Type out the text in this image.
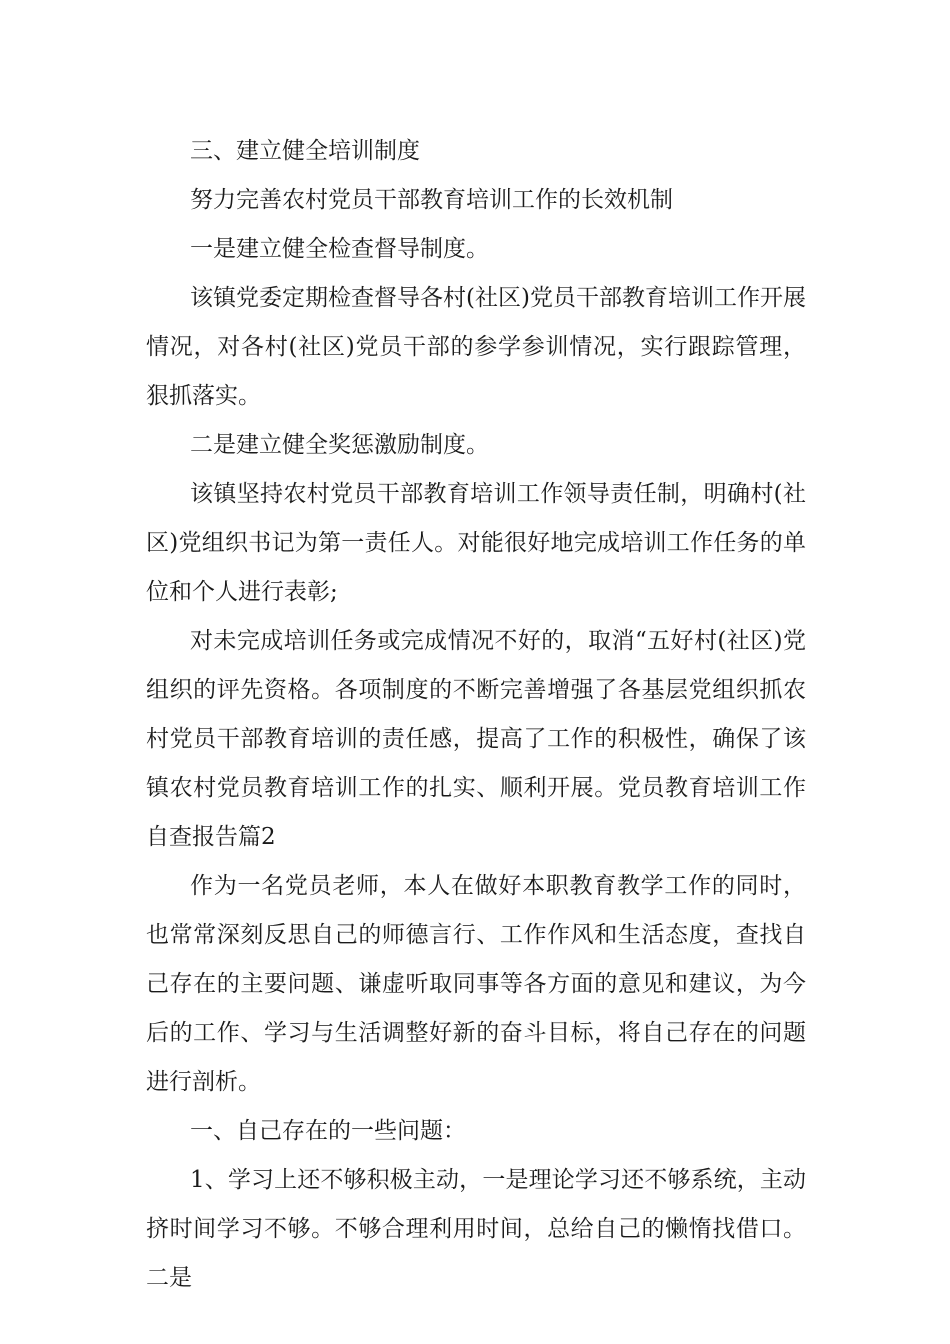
三、建立健全培训制度

努力完善农村党员干部教育培训工作的长效机制

一是建立健全检查督导制度。

该镇党委定期检查督导各村(社区)党员干部教育培训工作开展情况，对各村(社区)党员干部的参学参训情况，实行跟踪管理，狠抓落实。

二是建立健全奖惩激励制度。

该镇坚持农村党员干部教育培训工作领导责任制，明确村(社区)党组织书记为第一责任人。对能很好地完成培训工作任务的单位和个人进行表彰;

对未完成培训任务或完成情况不好的，取消“五好村(社区)党组织的评先资格。各项制度的不断完善增强了各基层党组织抓农村党员干部教育培训的责任感，提高了工作的积极性，确保了该镇农村党员教育培训工作的扎实、顺利开展。党员教育培训工作自查报告篇2

作为一名党员老师，本人在做好本职教育教学工作的同时，也常常深刻反思自己的师德言行、工作作风和生活态度，查找自己存在的主要问题、谦虚听取同事等各方面的意见和建议，为今后的工作、学习与生活调整好新的奋斗目标，将自己存在的问题进行剖析。

一、自己存在的一些问题：

1、学习上还不够积极主动，一是理论学习还不够系统，主动挤时间学习不够。不够合理利用时间，总给自己的懒惰找借口。二是
